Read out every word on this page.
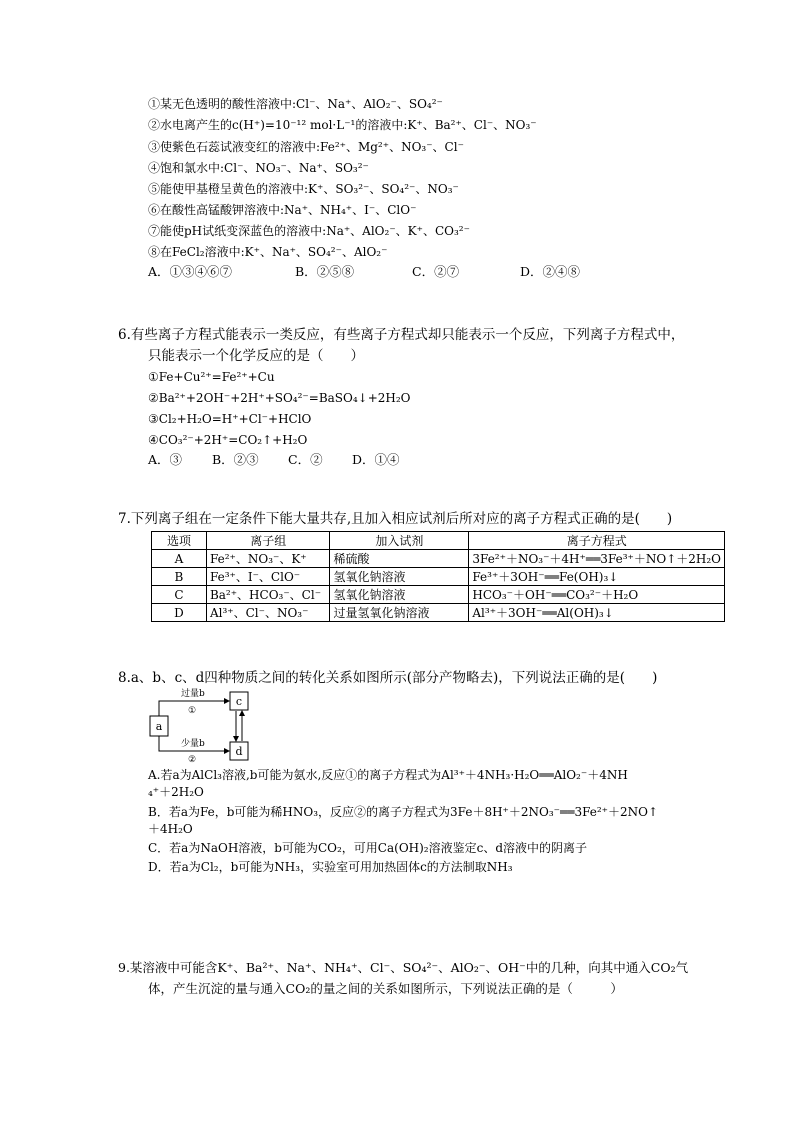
①某无色透明的酸性溶液中:Cl⁻、Na⁺、AlO₂⁻、SO₄²⁻
②水电离产生的c(H⁺)=10⁻¹² mol·L⁻¹的溶液中:K⁺、Ba²⁺、Cl⁻、NO₃⁻
③使紫色石蕊试液变红的溶液中:Fe²⁺、Mg²⁺、NO₃⁻、Cl⁻
④饱和氯水中:Cl⁻、NO₃⁻、Na⁺、SO₃²⁻
⑤能使甲基橙呈黄色的溶液中:K⁺、SO₃²⁻、SO₄²⁻、NO₃⁻
⑥在酸性高锰酸钾溶液中:Na⁺、NH₄⁺、I⁻、ClO⁻
⑦能使pH试纸变深蓝色的溶液中:Na⁺、AlO₂⁻、K⁺、CO₃²⁻
⑧在FeCl₂溶液中:K⁺、Na⁺、SO₄²⁻、AlO₂⁻
A．①③④⑥⑦	B．②⑤⑧	C．②⑦	D．②④⑧
6.有些离子方程式能表示一类反应，有些离子方程式却只能表示一个反应，下列离子方程式中，
只能表示一个化学反应的是（　　）
①Fe+Cu²⁺=Fe²⁺+Cu
②Ba²⁺+2OH⁻+2H⁺+SO₄²⁻=BaSO₄↓+2H₂O
③Cl₂+H₂O=H⁺+Cl⁻+HClO
④CO₃²⁻+2H⁺=CO₂↑+H₂O
A．③ B．②③ C．② D．①④
7.下列离子组在一定条件下能大量共存,且加入相应试剂后所对应的离子方程式正确的是(　　)
选项	离子组	加入试剂	离子方程式
A	Fe²⁺、NO₃⁻、K⁺	稀硫酸	3Fe²⁺＋NO₃⁻＋4H⁺══3Fe³⁺＋NO↑＋2H₂O
B	Fe³⁺、I⁻、ClO⁻	氢氧化钠溶液	Fe³⁺＋3OH⁻══Fe(OH)₃↓
C	Ba²⁺、HCO₃⁻、Cl⁻	氢氧化钠溶液	HCO₃⁻＋OH⁻══CO₃²⁻＋H₂O
D	Al³⁺、Cl⁻、NO₃⁻	过量氢氧化钠溶液	Al³⁺＋3OH⁻══Al(OH)₃↓
8.a、b、c、d四种物质之间的转化关系如图所示(部分产物略去)，下列说法正确的是(　　)
a
c
d
过量b
①
少量b
②
A.若a为AlCl₃溶液,b可能为氨水,反应①的离子方程式为Al³⁺＋4NH₃·H₂O══AlO₂⁻＋4NH
₄⁺＋2H₂O
B．若a为Fe，b可能为稀HNO₃，反应②的离子方程式为3Fe＋8H⁺＋2NO₃⁻══3Fe²⁺＋2NO↑
＋4H₂O
C．若a为NaOH溶液，b可能为CO₂，可用Ca(OH)₂溶液鉴定c、d溶液中的阴离子
D．若a为Cl₂，b可能为NH₃，实验室可用加热固体c的方法制取NH₃
9.某溶液中可能含K⁺、Ba²⁺、Na⁺、NH₄⁺、Cl⁻、SO₄²⁻、AlO₂⁻、OH⁻中的几种，向其中通入CO₂气
体，产生沉淀的量与通入CO₂的量之间的关系如图所示，下列说法正确的是（　　　）
